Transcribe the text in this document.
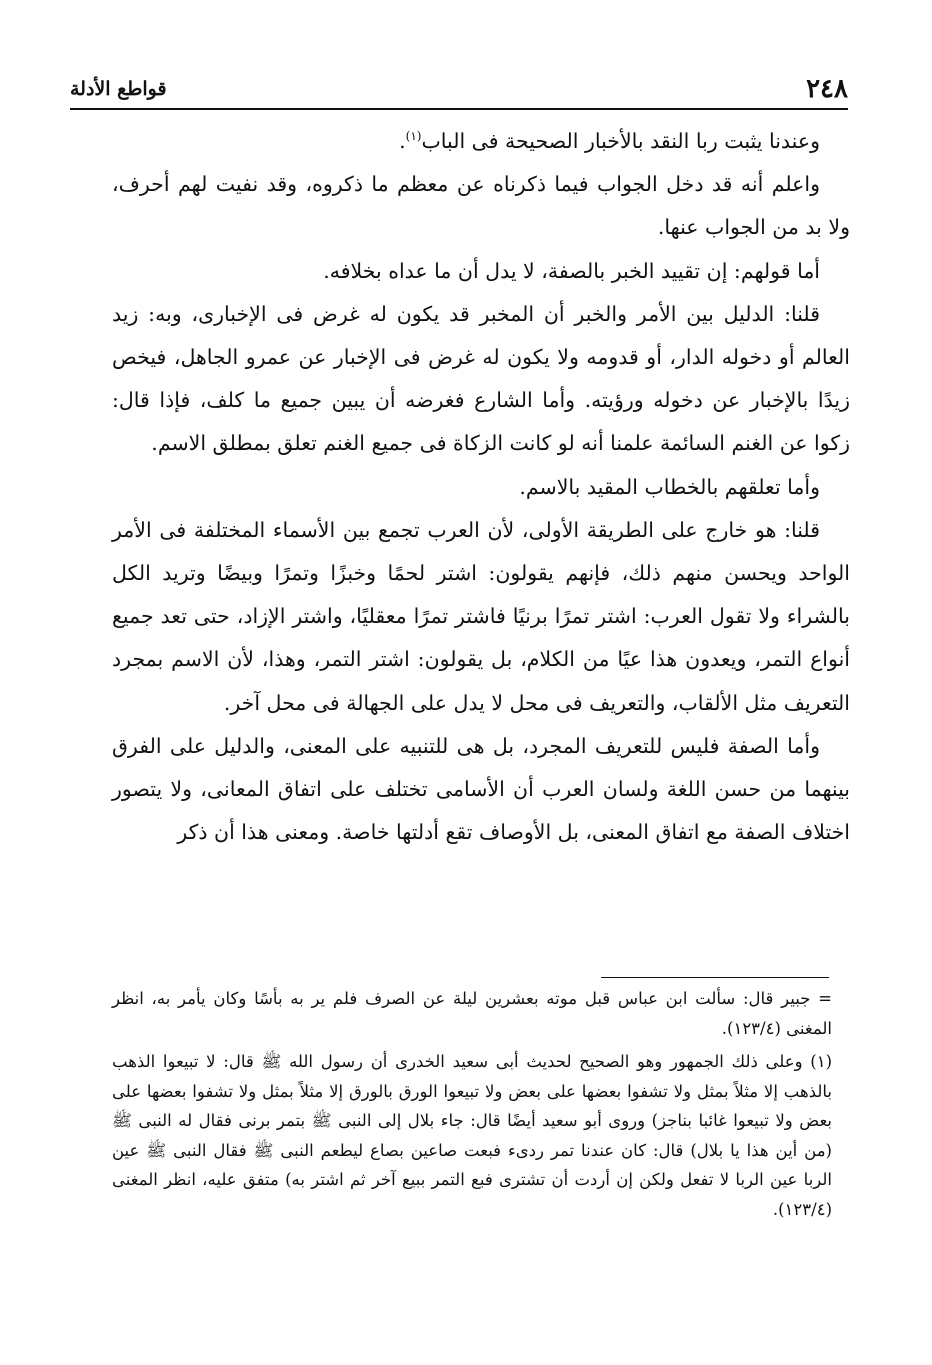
٢٤٨
قواطع الأدلة

وعندنا يثبت ربا النقد بالأخبار الصحيحة فى الباب$^{(١)}$.

واعلم أنه قد دخل الجواب فيما ذكرناه عن معظم ما ذكروه، وقد نفيت لهم أحرف، ولا بد من الجواب عنها.

أما قولهم: إن تقييد الخبر بالصفة، لا يدل أن ما عداه بخلافه.

قلنا: الدليل بين الأمر والخبر أن المخبر قد يكون له غرض فى الإخبارى، وبه: زيد العالم أو دخوله الدار، أو قدومه ولا يكون له غرض فى الإخبار عن عمرو الجاهل، فيخص زيدًا بالإخبار عن دخوله ورؤيته. وأما الشارع فغرضه أن يبين جميع ما كلف، فإذا قال: زكوا عن الغنم السائمة علمنا أنه لو كانت الزكاة فى جميع الغنم تعلق بمطلق الاسم.

وأما تعلقهم بالخطاب المقيد بالاسم.

قلنا: هو خارج على الطريقة الأولى، لأن العرب تجمع بين الأسماء المختلفة فى الأمر الواحد ويحسن منهم ذلك، فإنهم يقولون: اشتر لحمًا وخبزًا وتمرًا وبيضًا وتريد الكل بالشراء ولا تقول العرب: اشتر تمرًا برنيًا فاشتر تمرًا معقليًا، واشتر الإزاد، حتى تعد جميع أنواع التمر، ويعدون هذا عيًا من الكلام، بل يقولون: اشتر التمر، وهذا، لأن الاسم بمجرد التعريف مثل الألقاب، والتعريف فى محل لا يدل على الجهالة فى محل آخر.

وأما الصفة فليس للتعريف المجرد، بل هى للتنبيه على المعنى، والدليل على الفرق بينهما من حسن اللغة ولسان العرب أن الأسامى تختلف على اتفاق المعانى، ولا يتصور اختلاف الصفة مع اتفاق المعنى، بل الأوصاف تقع أدلتها خاصة. ومعنى هذا أن ذكر

= جبير قال: سألت ابن عباس قبل موته بعشرين ليلة عن الصرف فلم ير به بأسًا وكان يأمر به، انظر المغنى (١٢٣/٤).

(١) وعلى ذلك الجمهور وهو الصحيح لحديث أبى سعيد الخدرى أن رسول الله ﷺ قال: لا تبيعوا الذهب بالذهب إلا مثلاً بمثل ولا تشفوا بعضها على بعض ولا تبيعوا الورق بالورق إلا مثلاً بمثل ولا تشفوا بعضها على بعض ولا تبيعوا غائبا بناجز) وروى أبو سعيد أيضًا قال: جاء بلال إلى النبى ﷺ بتمر برنى فقال له النبى ﷺ (من أين هذا يا بلال) قال: كان عندنا تمر ردىء فبعت صاعين بصاع ليطعم النبى ﷺ فقال النبى ﷺ عين الربا عين الربا لا تفعل ولكن إن أردت أن تشترى فبع التمر ببيع آخر ثم اشتر به) متفق عليه، انظر المغنى (١٢٣/٤).
